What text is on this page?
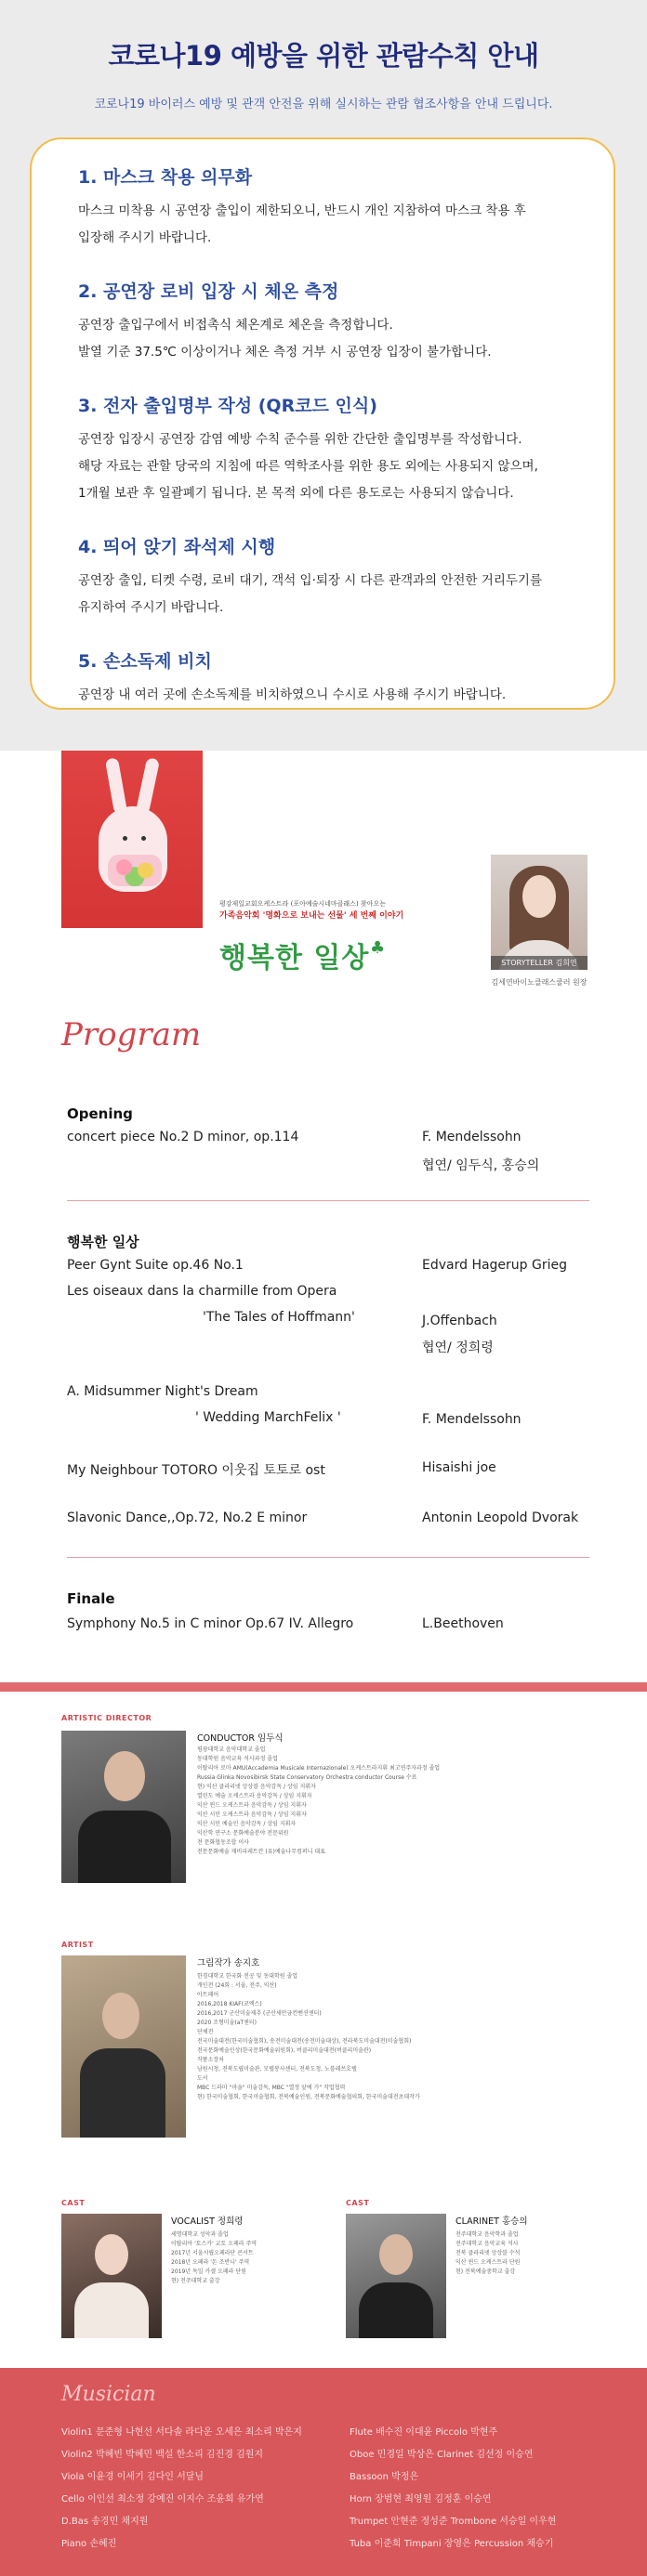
코로나19 예방을 위한 관람수칙 안내

코로나19 바이러스 예방 및 관객 안전을 위해 실시하는 관람 협조사항을 안내 드립니다.

1. 마스크 착용 의무화
마스크 미착용 시 공연장 출입이 제한되오니, 반드시 개인 지참하여 마스크 착용 후
입장해 주시기 바랍니다.
2. 공연장 로비 입장 시 체온 측정
공연장 출입구에서 비접촉식 체온계로 체온을 측정합니다.
발열 기준 37.5℃ 이상이거나 체온 측정 거부 시 공연장 입장이 불가합니다.
3. 전자 출입명부 작성 (QR코드 인식)
공연장 입장시 공연장 감염 예방 수칙 준수를 위한 간단한 출입명부를 작성합니다.
해당 자료는 관할 당국의 지침에 따른 역학조사를 위한 용도 외에는 사용되지 않으며,
1개월 보관 후 일괄폐기 됩니다. 본 목적 외에 다른 용도로는 사용되지 않습니다.
4. 띄어 앉기 좌석제 시행
공연장 출입, 티켓 수령, 로비 대기, 객석 입·퇴장 시 다른 관객과의 안전한 거리두기를
유지하여 주시기 바랍니다.
5. 손소독제 비치
공연장 내 여러 곳에 손소독제를 비치하였으니 수시로 사용해 주시기 바랍니다.
평강제일교회오케스트라 (포아예술시네마클래스) 찾아오는
가족음악회 '명화으로 보내는 선물' 세 번째 이야기
행복한 일상 ♣
STORYTELLER 김희연
김세연바이노클래스쿨러 원장
Program
Opening
concert piece No.2 D minor, op.114	F. Mendelssohn
협연/ 임두식, 홍승의
행복한 일상
Peer Gynt Suite op.46 No.1	Edvard Hagerup Grieg
Les oiseaux dans la charmille from Opera
'The Tales of Hoffmann'	J.Offenbach
협연/ 정희령
A. Midsummer Night's Dream
' Wedding MarchFelix '	F. Mendelssohn
My Neighbour TOTORO 이웃집 토토로 ost	Hisaishi joe
Slavonic Dance,,Op.72, No.2 E minor	Antonin Leopold Dvorak
Finale
Symphony No.5 in C minor Op.67 IV. Allegro	L.Beethoven
ARTISTIC DIRECTOR
CONDUCTOR 임두식
평광대학교 음악대학교 졸업
동대학원 음악교육 석사과정 졸업
이탈리아 로마 AMU(Accademia Musicale Internazionale) 오케스트라지휘 최고연주자과정 졸업
Russia Glinka Novosibirsk State Conservatory Orchestra conductor Course 수료
현) 익산 클라리넷 앙상블 음악감독 / 상임 지휘자
열린도 예술 오케스트라 음악감독 / 상임 지휘자
익산 윈드 오케스트라 음악감독 / 상임 지휘자
익산 시민 오케스트라 음악감독 / 상임 지휘자
익산 시민 예술인 음악감독 / 상임 지휘자
익산학 연구소 문화예술분야 전문위원
전 문화협동조합 이사
전문문화예술 재비피레트칸 (유)예술나무컴퍼니 대표
ARTIST
그림작가 송지호
한경대학교 한국화 전공 및 동대학원 졸업
개인전 (24회 : 서울, 전주, 익산)
아트페어
2016,2018 KIAF(코엑스)
2016,2017 군산미술제추 (군산새만금컨벤션센터)
2020 조형미술(aT센터)
단체전
전국미술대전(한국미술협회), 송전미술대전(송전미술대상), 전라북도미술대전(미술협회)
전국문화예술인상(한국문화예술위원회), 버클리미술대전(버클리미술관)
작품소장처
남원시청, 전북도립미술관, 모텔봉사센터, 전북도청, 노블레쓰호텔
도서
MBC 드라마 "마을" 미술감독, MBC "열정 앞에 가" 작업협력
현) 한국미술협회, 한국미술협회, 전북예술인원, 전북문화예술협의회, 한국미술대전초대작가
CAST
VOCALIST 정희령
세명대학교 성악과 졸업
이탈리아 '토스카' 교토 오페라 주역
2017년 서울시립오페라단 콘서트
2018년 오페라 '돈 조반니' 주역
2019년 독일 카셀 오페라 단원
현) 전주대학교 출강
CAST
CLARINET 홍승의
전주대학교 음악학과 졸업
전주대학교 음악교육 석사
전북 클라리넷 앙상블 수석
익산 윈드 오케스트라 단원
현) 전북예술중학교 출강
Musician
Violin1 문준형 나현선 서다솔 라다운 오세은 최소리 박은지
Violin2 박혜빈 박혜민 백설 한소리 김진경 김원지
Viola 이윤경 이세기 김다인 서달님
Cello 이인선 최소정 강예진 이지수 조윤희 유가연
D.Bas 송경민 채지원
Piano 손혜진
Flute 배수진 이대윤 Piccolo 박현주
Oboe 민경일 박상은 Clarinet 김선정 이승연
Bassoon 박정은
Horn 장범현 최영원 김정훈 이승연
Trumpet 안현준 정성준 Trombone 서승일 이우현
Tuba 이준희 Timpani 장영은 Percussion 채승기
